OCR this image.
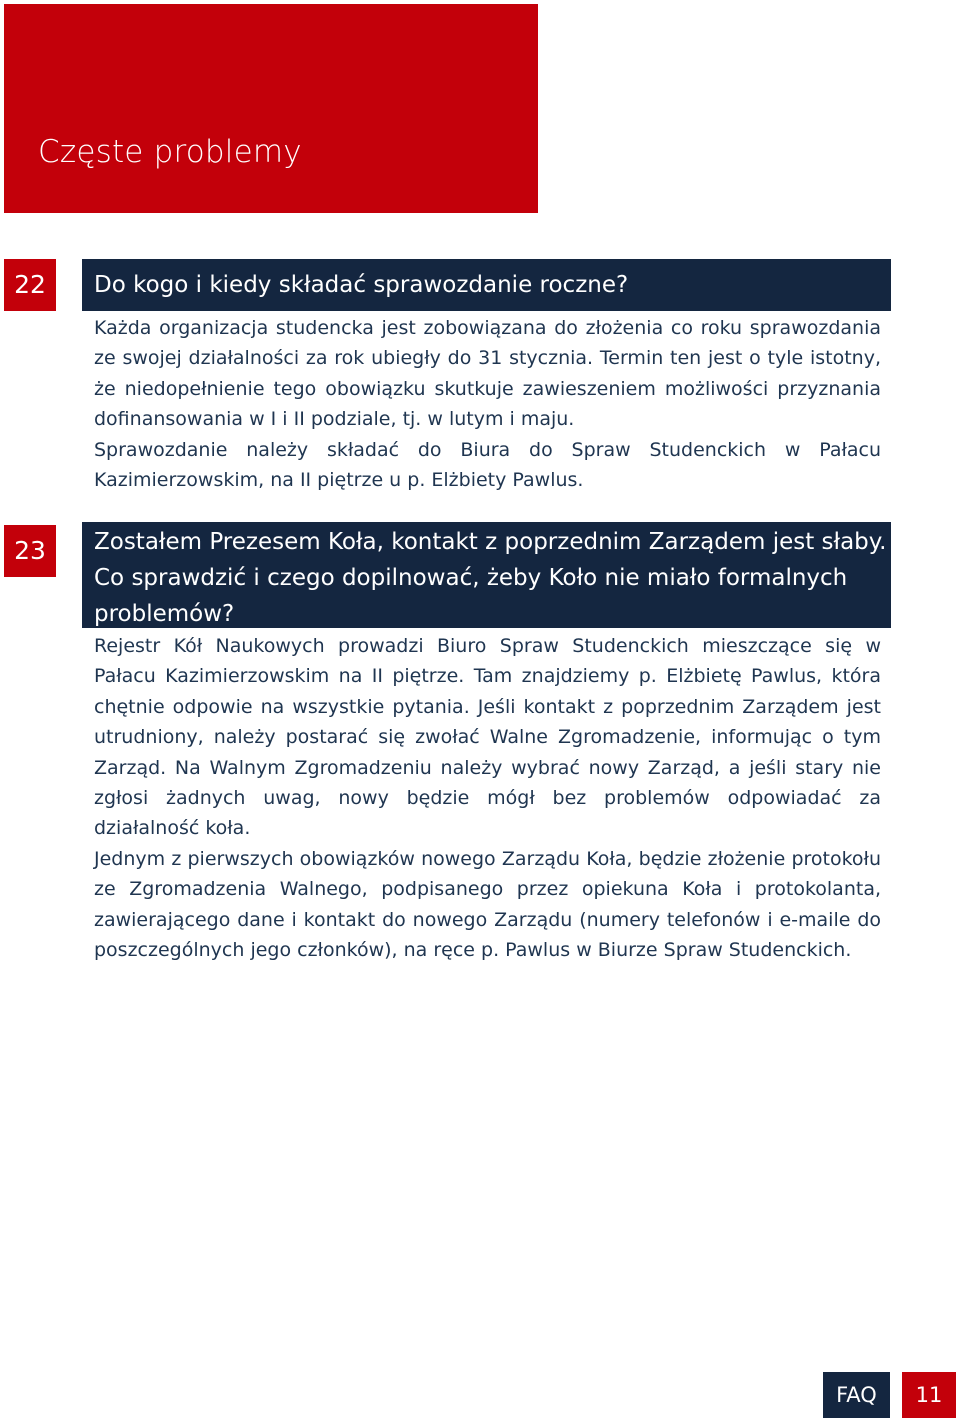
Częste problemy
22	Do kogo i kiedy składać sprawozdanie roczne?

Każda organizacja studencka jest zobowiązana do złożenia co roku sprawozdania ze swojej działalności za rok ubiegły do 31 stycznia. Termin ten jest o tyle istotny, że niedopełnienie tego obowiązku skutkuje zawieszeniem możliwości przyznania dofinansowania w I i II podziale, tj. w lutym i maju.

Sprawozdanie należy składać do Biura do Spraw Studenckich w Pałacu Kazimierzowskim, na II piętrze u p. Elżbiety Pawlus.

23	Zostałem Prezesem Koła, kontakt z poprzednim Zarządem jest słaby.
Co sprawdzić i czego dopilnować, żeby Koło nie miało formalnych
problemów?

Rejestr Kół Naukowych prowadzi Biuro Spraw Studenckich mieszczące się w Pałacu Kazimierzowskim na II piętrze. Tam znajdziemy p. Elżbietę Pawlus, która chętnie odpowie na wszystkie pytania. Jeśli kontakt z poprzednim Zarządem jest utrudniony, należy postarać się zwołać Walne Zgromadzenie, informując o tym Zarząd. Na Walnym Zgromadzeniu należy wybrać nowy Zarząd, a jeśli stary nie zgłosi żadnych uwag, nowy będzie mógł bez problemów odpowiadać za działalność koła.

Jednym z pierwszych obowiązków nowego Zarządu Koła, będzie złożenie protokołu ze Zgromadzenia Walnego, podpisanego przez opiekuna Koła i protokolanta, zawierającego dane i kontakt do nowego Zarządu (numery telefonów i e-maile do poszczególnych jego członków), na ręce p. Pawlus w Biurze Spraw Studenckich.

FAQ	11
